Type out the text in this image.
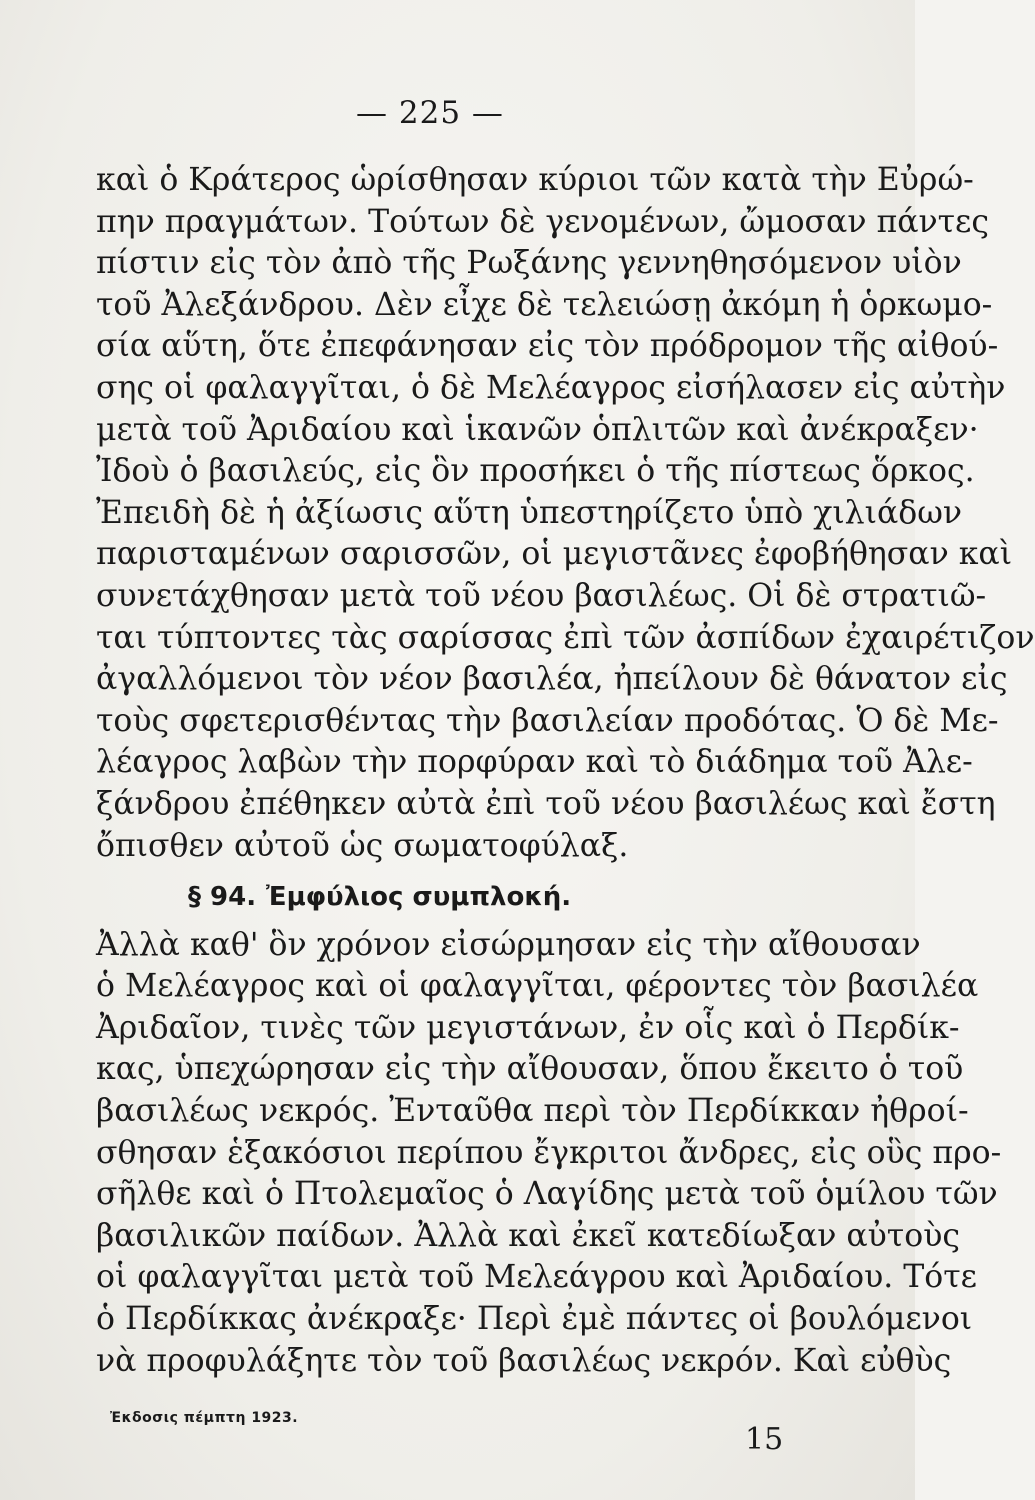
— 225 —
καὶ ὁ Κράτερος ὡρίσθησαν κύριοι τῶν κατὰ τὴν Εὐρώ-
πην πραγμάτων. Τούτων δὲ γενομένων, ὤμοσαν πάντες
πίστιν εἰς τὸν ἀπὸ τῆς Ρωξάνης γεννηθησόμενον υἱὸν
τοῦ Ἀλεξάνδρου. Δὲν εἶχε δὲ τελειώσῃ ἀκόμη ἡ ὁρκωμο-
σία αὕτη, ὅτε ἐπεφάνησαν εἰς τὸν πρόδρομον τῆς αἰθού-
σης οἱ φαλαγγῖται, ὁ δὲ Μελέαγρος εἰσήλασεν εἰς αὐτὴν
μετὰ τοῦ Ἀριδαίου καὶ ἱκανῶν ὁπλιτῶν καὶ ἀνέκραξεν·
Ἰδοὺ ὁ βασιλεύς, εἰς ὃν προσήκει ὁ τῆς πίστεως ὅρκος.
Ἐπειδὴ δὲ ἡ ἀξίωσις αὕτη ὑπεστηρίζετο ὑπὸ χιλιάδων
παρισταμένων σαρισσῶν, οἱ μεγιστᾶνες ἐφοβήθησαν καὶ
συνετάχθησαν μετὰ τοῦ νέου βασιλέως. Οἱ δὲ στρατιῶ-
ται τύπτοντες τὰς σαρίσσας ἐπὶ τῶν ἀσπίδων ἐχαιρέτιζον
ἀγαλλόμενοι τὸν νέον βασιλέα, ἠπείλουν δὲ θάνατον εἰς
τοὺς σφετερισθέντας τὴν βασιλείαν προδότας. Ὁ δὲ Με-
λέαγρος λαβὼν τὴν πορφύραν καὶ τὸ διάδημα τοῦ Ἀλε-
ξάνδρου ἐπέθηκεν αὐτὰ ἐπὶ τοῦ νέου βασιλέως καὶ ἔστη
ὄπισθεν αὐτοῦ ὡς σωματοφύλαξ.
§ 94. Ἐμφύλιος συμπλοκή.
Ἀλλὰ καθ' ὃν χρόνον εἰσώρμησαν εἰς τὴν αἴθουσαν
ὁ Μελέαγρος καὶ οἱ φαλαγγῖται, φέροντες τὸν βασιλέα
Ἀριδαῖον, τινὲς τῶν μεγιστάνων, ἐν οἷς καὶ ὁ Περδίκ-
κας, ὑπεχώρησαν εἰς τὴν αἴθουσαν, ὅπου ἔκειτο ὁ τοῦ
βασιλέως νεκρός. Ἐνταῦθα περὶ τὸν Περδίκκαν ἠθροί-
σθησαν ἑξακόσιοι περίπου ἔγκριτοι ἄνδρες, εἰς οὓς προ-
σῆλθε καὶ ὁ Πτολεμαῖος ὁ Λαγίδης μετὰ τοῦ ὁμίλου τῶν
βασιλικῶν παίδων. Ἀλλὰ καὶ ἐκεῖ κατεδίωξαν αὐτοὺς
οἱ φαλαγγῖται μετὰ τοῦ Μελεάγρου καὶ Ἀριδαίου. Τότε
ὁ Περδίκκας ἀνέκραξε· Περὶ ἐμὲ πάντες οἱ βουλόμενοι
νὰ προφυλάξητε τὸν τοῦ βασιλέως νεκρόν. Καὶ εὐθὺς
Ἐκδοσις πέμπτη 1923.
15
